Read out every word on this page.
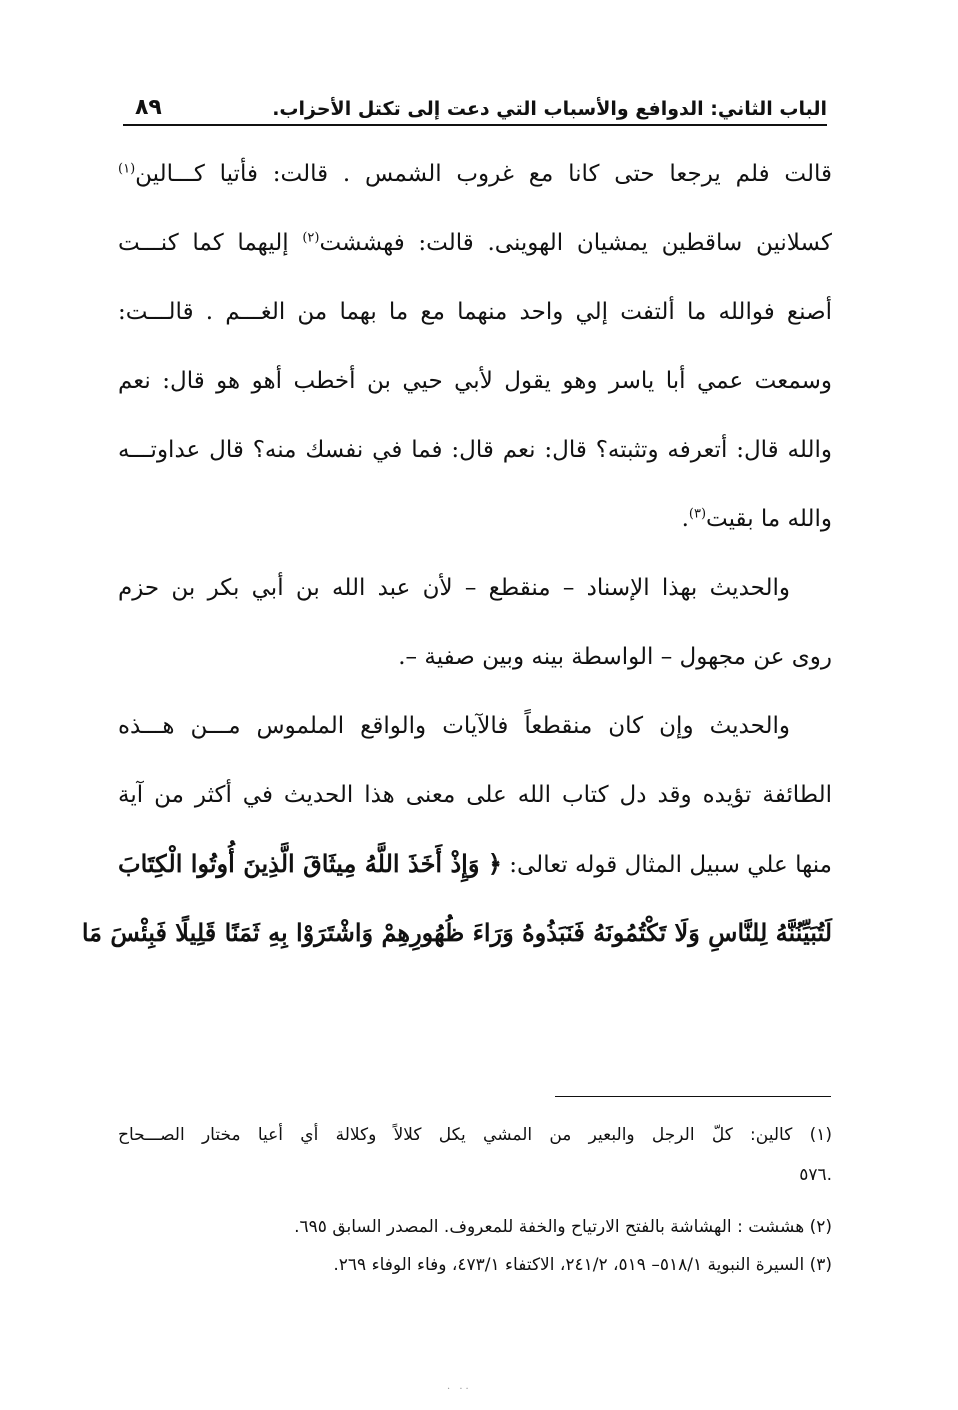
الباب الثاني: الدوافع والأسباب التي دعت إلى تكتل الأحزاب.
٨٩
قالت فلم يرجعا حتى كانا مع غروب الشمس . قالت: فأتيا كـــالين$^{(١)}$
كسلانين ساقطين يمشيان الهوينى. قالت: فهششت$^{(٢)}$ إليهما كما كنـــت
أصنع فوالله ما ألتفت إلي واحد منهما مع ما بهما من الغـــم . قالـــت:
وسمعت عمي أبا ياسر وهو يقول لأبي حيي بن أخطب أهو هو قال: نعم
والله قال: أتعرفه وتثبته؟ قال: نعم قال: فما في نفسك منه؟ قال عداوتـــه
والله ما بقيت$^{(٣)}$.
والحديث بهذا الإسناد – منقطع – لأن عبد الله بن أبي بكر بن حزم
روى عن مجهول – الواسطة بينه وبين صفية –.
والحديث وإن كان منقطعاً فالآيات والواقع الملموس مـــن هـــذه
الطائفة تؤيده وقد دل كتاب الله على معنى هذا الحديث في أكثر من آية
منها علي سبيل المثال قوله تعالى: ﴿ وَإِذْ أَخَذَ اللَّهُ مِيثَاقَ الَّذِينَ أُوتُوا الْكِتَابَ
لَتُبَيِّنُنَّهُ لِلنَّاسِ وَلَا تَكْتُمُونَهُ فَنَبَذُوهُ وَرَاءَ ظُهُورِهِمْ وَاشْتَرَوْا بِهِ ثَمَنًا قَلِيلًا فَبِئْسَ مَا
(١) كالين: كلّ الرجل والبعير من المشي يكل كلالاً وكلالة أي أعيا مختار الصـــحاح
.٥٧٦
(٢) هششت : الهشاشة بالفتح الارتياح والخفة للمعروف. المصدر السابق ٦٩٥.
(٣) السيرة النبوية ٥١٨/١– ٥١٩، ٢٤١/٢، الاكتفاء ٤٧٣/١، وفاء الوفاء ٢٦٩.
·· ·
